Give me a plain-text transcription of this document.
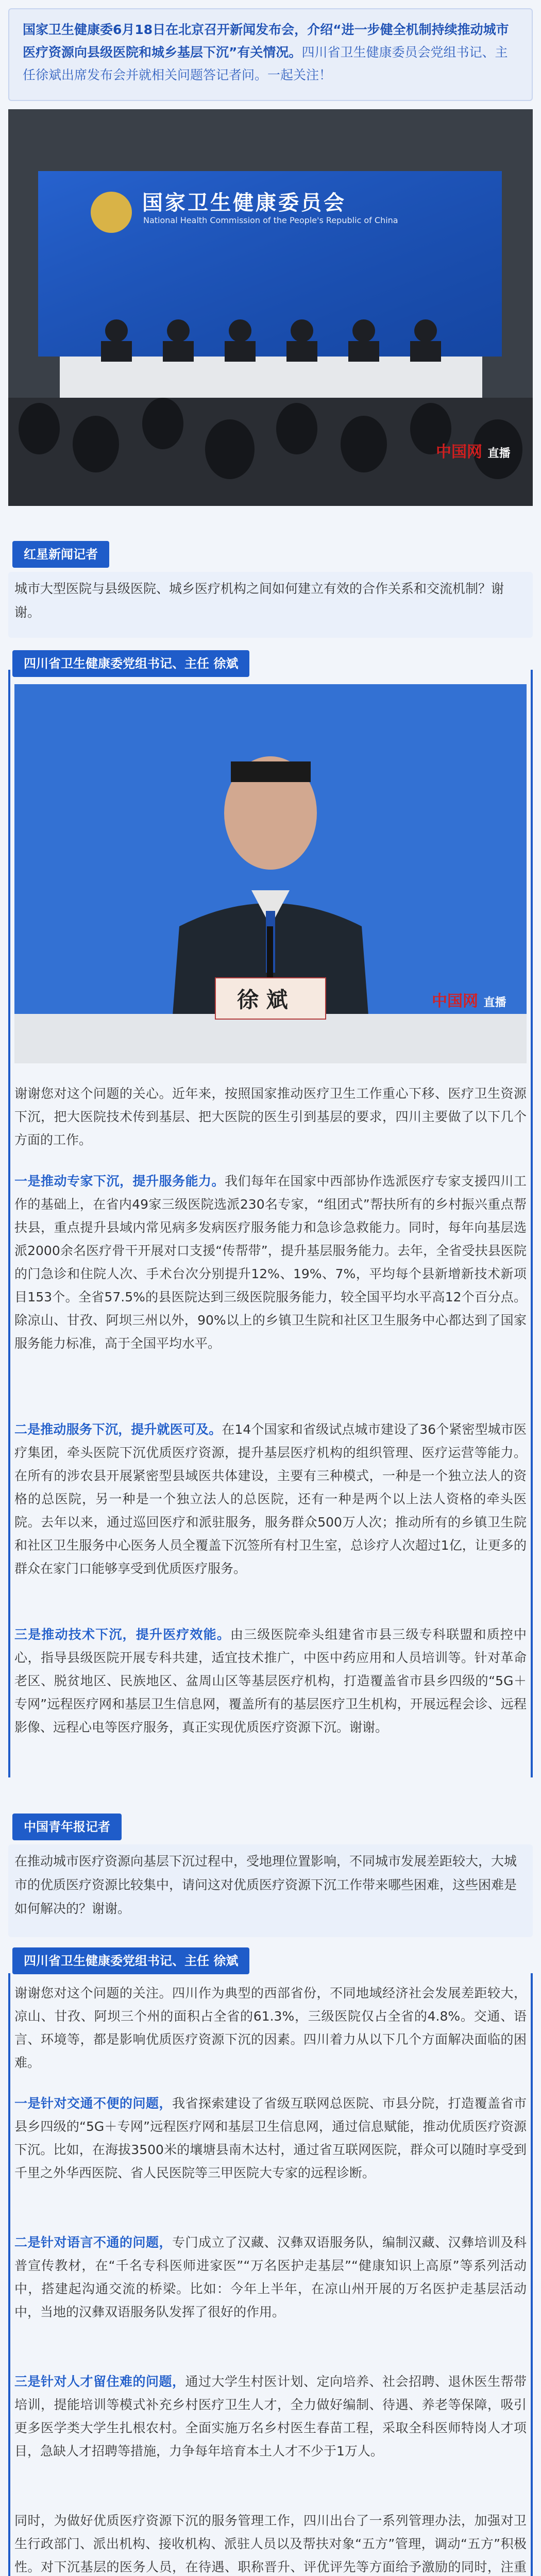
国家卫生健康委6月18日在北京召开新闻发布会，介绍“进一步健全机制持续推动城市医疗资源向县级医院和城乡基层下沉”有关情况。四川省卫生健康委员会党组书记、主任徐斌出席发布会并就相关问题答记者问。一起关注！
国家卫生健康委员会
National Health Commission of the People's Republic of China
中国网 直播
红星新闻记者
城市大型医院与县级医院、城乡医疗机构之间如何建立有效的合作关系和交流机制？谢谢。
四川省卫生健康委党组书记、主任 徐斌
徐 斌	中国网 直播
谢谢您对这个问题的关心。近年来，按照国家推动医疗卫生工作重心下移、医疗卫生资源下沉，把大医院技术传到基层、把大医院的医生引到基层的要求，四川主要做了以下几个方面的工作。
一是推动专家下沉，提升服务能力。我们每年在国家中西部协作选派医疗专家支援四川工作的基础上，在省内49家三级医院选派230名专家，“组团式”帮扶所有的乡村振兴重点帮扶县，重点提升县域内常见病多发病医疗服务能力和急诊急救能力。同时，每年向基层选派2000余名医疗骨干开展对口支援“传帮带”，提升基层服务能力。去年，全省受扶县医院的门急诊和住院人次、手术台次分别提升12%、19%、7%，平均每个县新增新技术新项目153个。全省57.5%的县医院达到三级医院服务能力，较全国平均水平高12个百分点。除凉山、甘孜、阿坝三州以外，90%以上的乡镇卫生院和社区卫生服务中心都达到了国家服务能力标准，高于全国平均水平。
二是推动服务下沉，提升就医可及。在14个国家和省级试点城市建设了36个紧密型城市医疗集团，牵头医院下沉优质医疗资源，提升基层医疗机构的组织管理、医疗运营等能力。在所有的涉农县开展紧密型县域医共体建设，主要有三种模式，一种是一个独立法人的资格的总医院，另一种是一个独立法人的总医院，还有一种是两个以上法人资格的牵头医院。去年以来，通过巡回医疗和派驻服务，服务群众500万人次；推动所有的乡镇卫生院和社区卫生服务中心医务人员全覆盖下沉签所有村卫生室，总诊疗人次超过1亿，让更多的群众在家门口能够享受到优质医疗服务。
三是推动技术下沉，提升医疗效能。由三级医院牵头组建省市县三级专科联盟和质控中心，指导县级医院开展专科共建，适宜技术推广，中医中药应用和人员培训等。针对革命老区、脱贫地区、民族地区、盆周山区等基层医疗机构，打造覆盖省市县乡四级的“5G＋专网”远程医疗网和基层卫生信息网，覆盖所有的基层医疗卫生机构，开展远程会诊、远程影像、远程心电等医疗服务，真正实现优质医疗资源下沉。谢谢。
中国青年报记者
在推动城市医疗资源向基层下沉过程中，受地理位置影响，不同城市发展差距较大，大城市的优质医疗资源比较集中，请问这对优质医疗资源下沉工作带来哪些困难，这些困难是如何解决的？谢谢。
四川省卫生健康委党组书记、主任 徐斌
谢谢您对这个问题的关注。四川作为典型的西部省份，不同地域经济社会发展差距较大，凉山、甘孜、阿坝三个州的面积占全省的61.3%，三级医院仅占全省的4.8%。交通、语言、环境等，都是影响优质医疗资源下沉的因素。四川着力从以下几个方面解决面临的困难。
一是针对交通不便的问题，我省探索建设了省级互联网总医院、市县分院，打造覆盖省市县乡四级的“5G＋专网”远程医疗网和基层卫生信息网，通过信息赋能，推动优质医疗资源下沉。比如，在海拔3500米的壤塘县南木达村，通过省互联网医院，群众可以随时享受到千里之外华西医院、省人民医院等三甲医院大专家的远程诊断。
二是针对语言不通的问题，专门成立了汉藏、汉彝双语服务队，编制汉藏、汉彝培训及科普宣传教材，在“千名专科医师进家医”“万名医护走基层”“健康知识上高原”等系列活动中，搭建起沟通交流的桥梁。比如：今年上半年，在凉山州开展的万名医护走基层活动中，当地的汉彝双语服务队发挥了很好的作用。
三是针对人才留住难的问题，通过大学生村医计划、定向培养、社会招聘、退休医生帮带培训，提能培训等模式补充乡村医疗卫生人才，全力做好编制、待遇、养老等保障，吸引更多医学类大学生扎根农村。全面实施万名乡村医生春苗工程，采取全科医师特岗人才项目，急缺人才招聘等措施，力争每年培育本土人才不少于1万人。
同时，为做好优质医疗资源下沉的服务管理工作，四川出台了一系列管理办法，加强对卫生行政部门、派出机构、接收机构、派驻人员以及帮扶对象“五方”管理，调动“五方”积极性。对下沉基层的医务人员，在待遇、职称晋升、评优评先等方面给予激励的同时，注重
